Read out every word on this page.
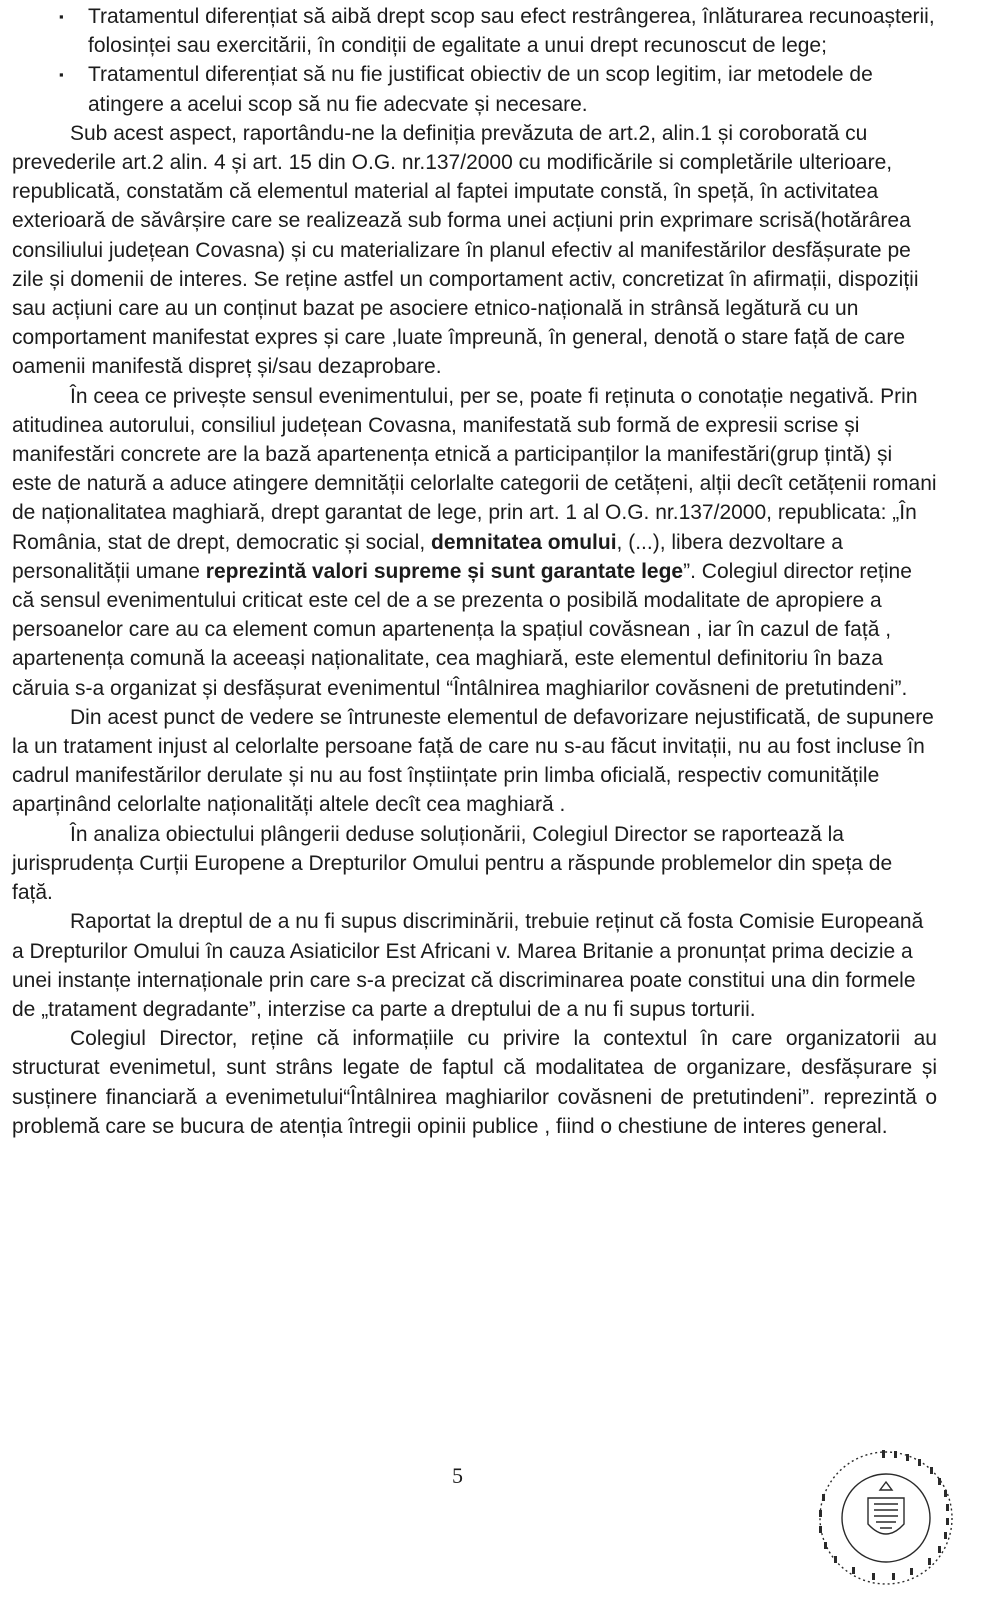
▪ Tratamentul diferențiat să aibă drept scop sau efect restrângerea, înlăturarea recunoașterii, folosinței sau exercitării, în condiții de egalitate a unui drept recunoscut de lege;

▪ Tratamentul diferențiat să nu fie justificat obiectiv de un scop legitim, iar metodele de atingere a acelui scop să nu fie adecvate și necesare.

Sub acest aspect, raportându-ne la definiția prevăzuta de art.2, alin.1 și coroborată cu prevederile art.2 alin. 4 și art. 15 din O.G. nr.137/2000 cu modificările si completările ulterioare, republicată, constatăm că elementul material al faptei imputate constă, în speță, în activitatea exterioară de săvârșire care se realizează sub forma unei acțiuni prin exprimare scrisă(hotărârea consiliului județean Covasna) și cu materializare în planul efectiv al manifestărilor desfășurate pe zile și domenii de interes. Se reține astfel un comportament activ, concretizat în afirmații, dispoziții sau acțiuni care au un conținut bazat pe asociere etnico-națională in strânsă legătură cu un comportament manifestat expres și care ,luate împreună, în general, denotă o stare față de care oamenii manifestă dispreț și/sau dezaprobare.

În ceea ce privește sensul evenimentului, per se, poate fi reținuta o conotație negativă. Prin atitudinea autorului, consiliul județean Covasna, manifestată sub formă de expresii scrise și manifestări concrete are la bază apartenența etnică a participanților la manifestări(grup țintă) și este de natură a aduce atingere demnității celorlalte categorii de cetățeni, alții decît cetățenii romani de naționalitatea maghiară, drept garantat de lege, prin art. 1 al O.G. nr.137/2000, republicata: „În România, stat de drept, democratic și social, demnitatea omului, (...), libera dezvoltare a personalității umane reprezintă valori supreme și sunt garantate lege”. Colegiul director reține că sensul evenimentului criticat este cel de a se prezenta o posibilă modalitate de apropiere a persoanelor care au ca element comun apartenența la spațiul covăsnean , iar în cazul de față , apartenența comună la aceeași naționalitate, cea maghiară, este elementul definitoriu în baza căruia s-a organizat și desfășurat evenimentul “Întâlnirea maghiarilor covăsneni de pretutindeni”.

Din acest punct de vedere se întruneste elementul de defavorizare nejustificată, de supunere la un tratament injust al celorlalte persoane față de care nu s-au făcut invitații, nu au fost incluse în cadrul manifestărilor derulate și nu au fost înștiințate prin limba oficială, respectiv comunitățile aparținând celorlalte naționalități altele decît cea maghiară .

În analiza obiectului plângerii deduse soluționării, Colegiul Director se raportează la jurisprudența Curții Europene a Drepturilor Omului pentru a răspunde problemelor din speța de față.

Raportat la dreptul de a nu fi supus discriminării, trebuie reținut că fosta Comisie Europeană a Drepturilor Omului în cauza Asiaticilor Est Africani v. Marea Britanie a pronunțat prima decizie a unei instanțe internaționale prin care s-a precizat că discriminarea poate constitui una din formele de „tratament degradante”, interzise ca parte a dreptului de a nu fi supus torturii.

Colegiul Director, reține că informațiile cu privire la contextul în care organizatorii au structurat evenimetul, sunt strâns legate de faptul că modalitatea de organizare, desfășurare și susținere financiară a evenimetului“Întâlnirea maghiarilor covăsneni de pretutindeni”. reprezintă o problemă care se bucura de atenția întregii opinii publice , fiind o chestiune de interes general.

5
